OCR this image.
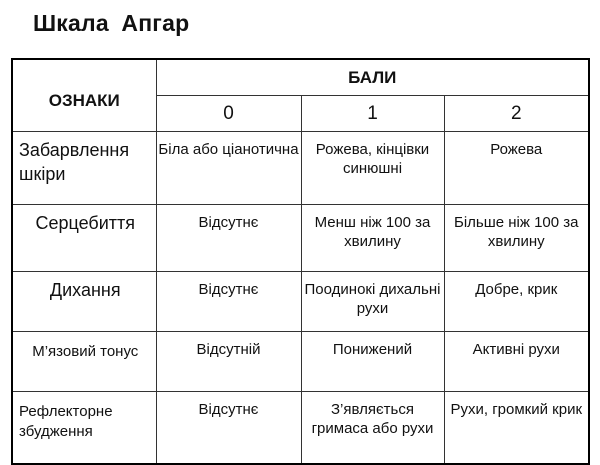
Шкала Апгар
ОЗНАКИ	БАЛИ		
	0	1	2
Забарвлення шкіри	Біла або ціанотична	Рожева, кінцівки синюшні	Рожева
Серцебиття	Відсутнє	Менш ніж 100 за хвилину	Більше ніж 100 за хвилину
Дихання	Відсутнє	Поодинокі дихальні рухи	Добре, крик
М’язовий тонус	Відсутній	Понижений	Активні рухи
Рефлекторне збудження	Відсутнє	З’являється гримаса або рухи	Рухи, громкий крик
